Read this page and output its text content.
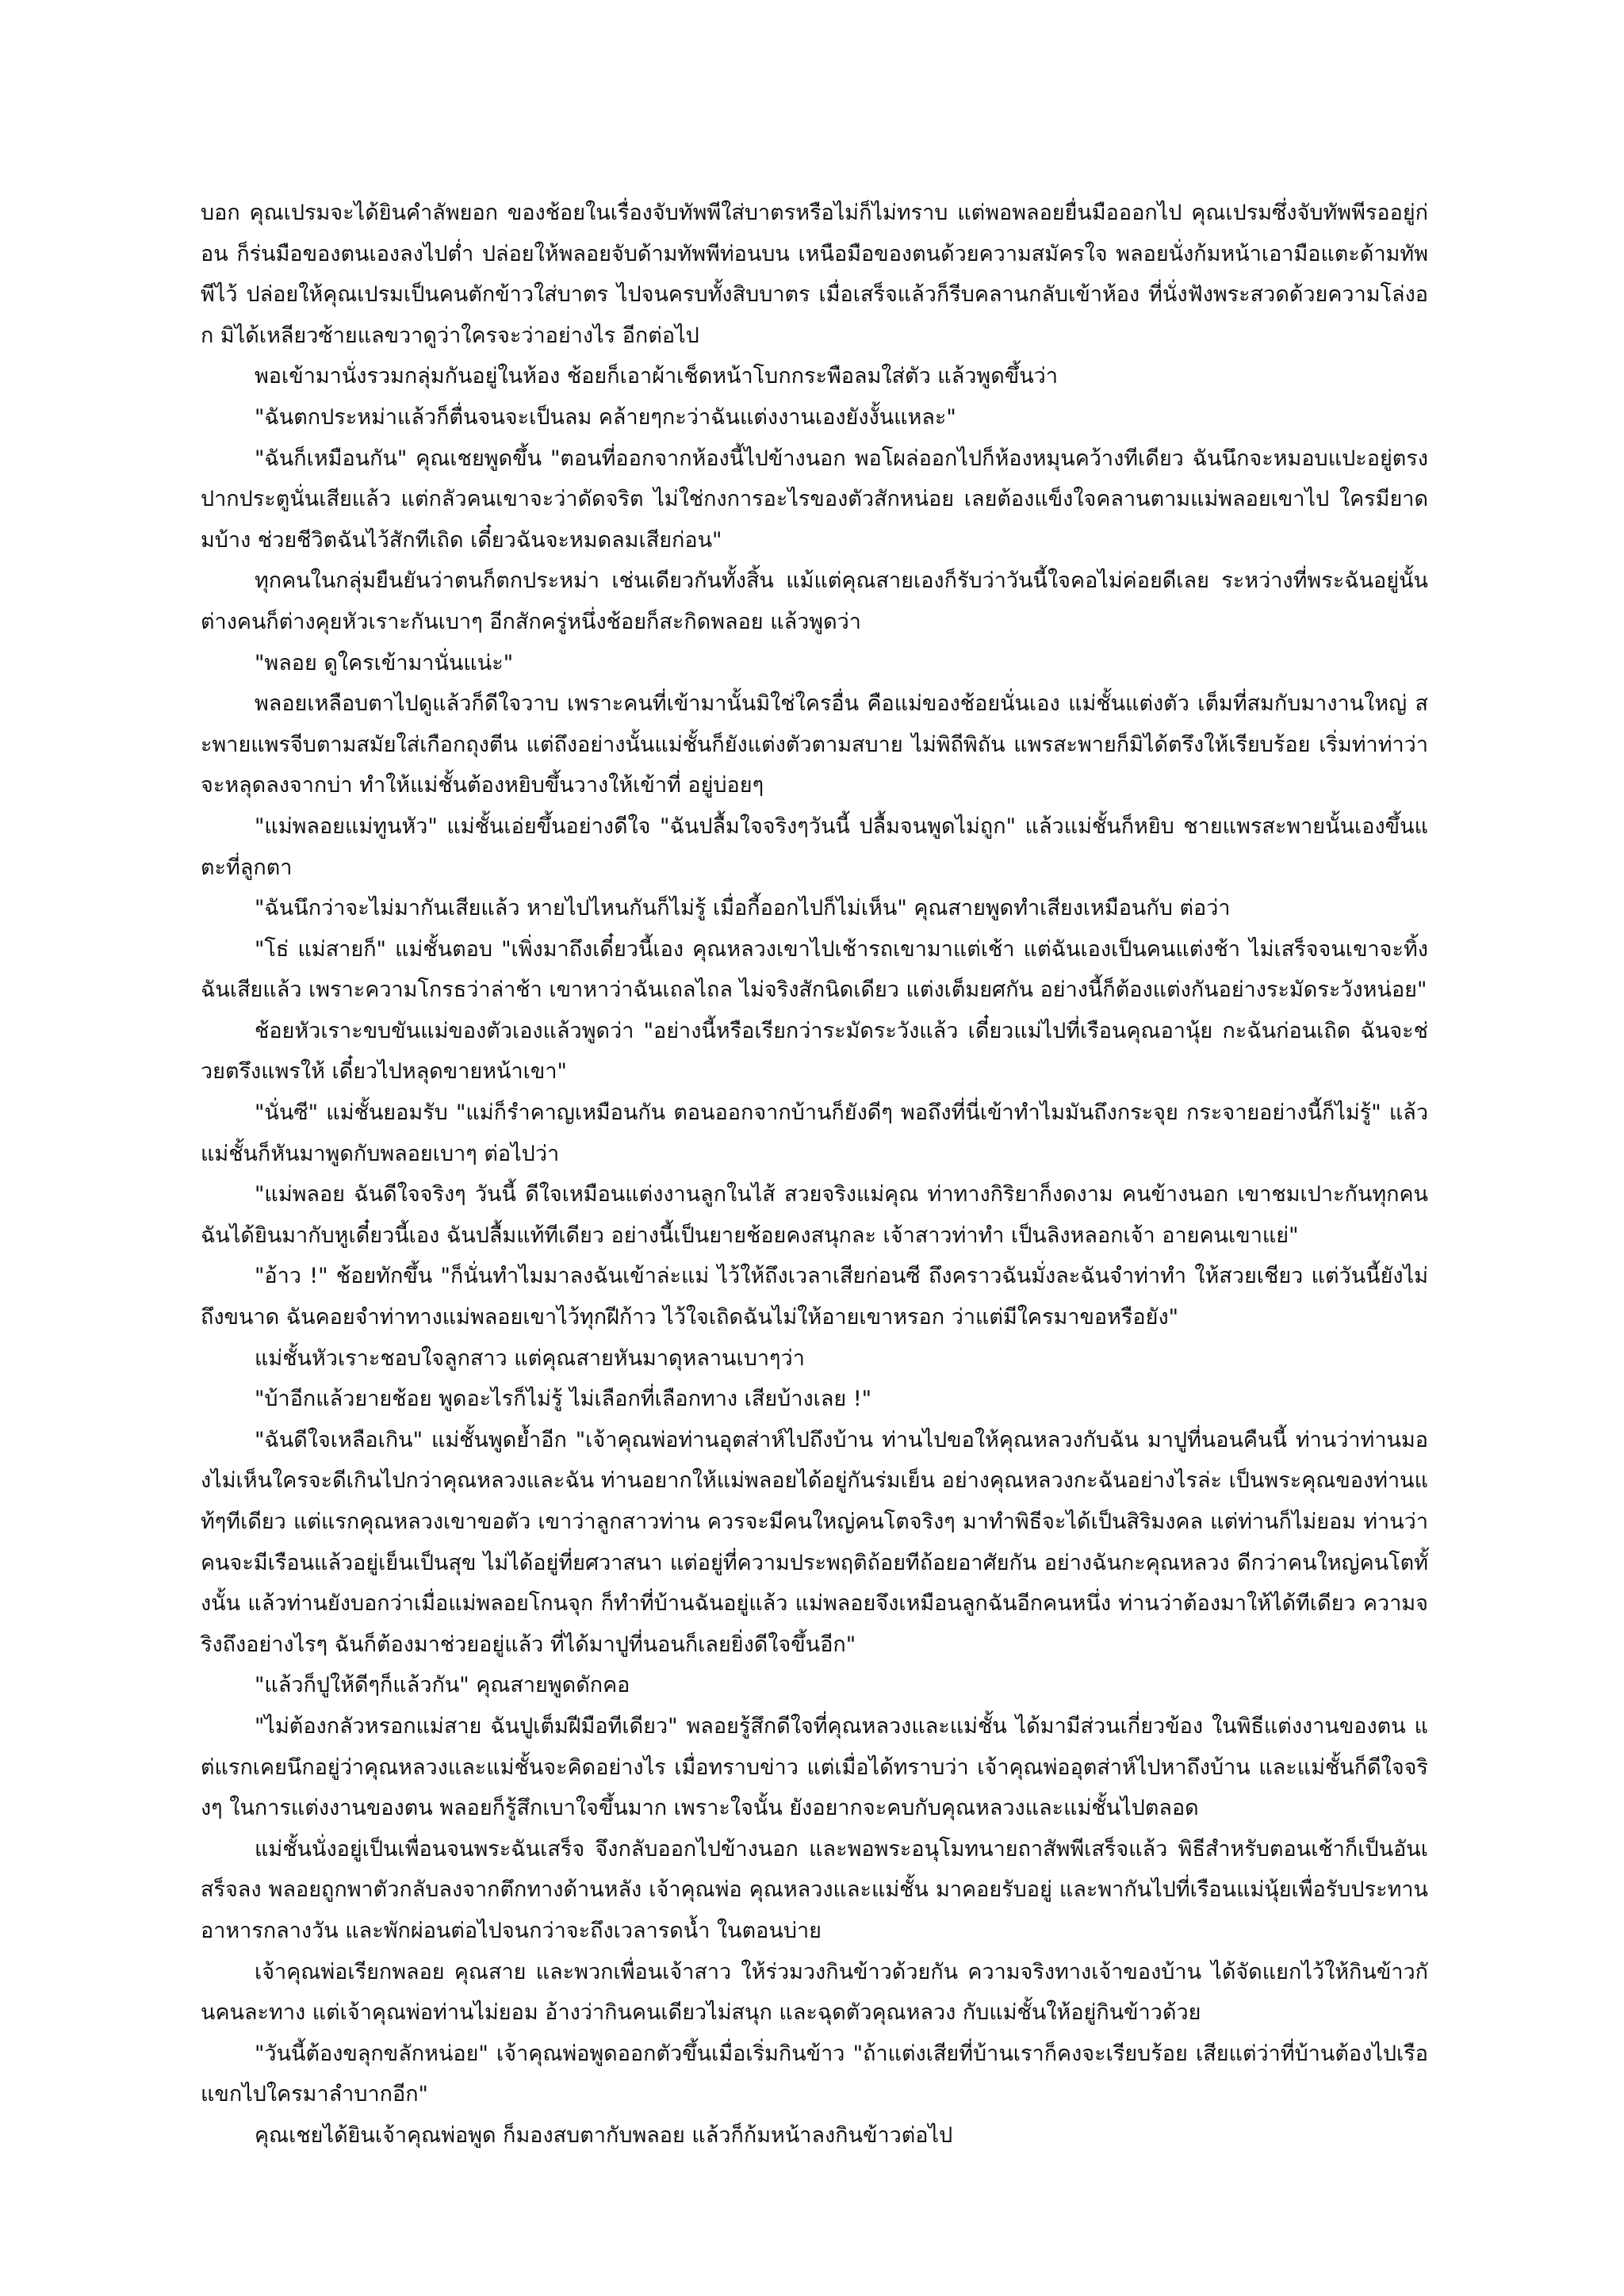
บอก คุณเปรมจะได้ยินคำลัพยอก ของช้อยในเรื่องจับทัพพีใส่บาตรหรือไม่ก็ไม่ทราบ แต่พอพลอยยื่นมือออกไป คุณเปรมซึ่งจับทัพพีรออยู่ก่อน ก็ร่นมือของตนเองลงไปต่ำ ปล่อยให้พลอยจับด้ามทัพพีท่อนบน เหนือมือของตนด้วยความสมัครใจ พลอยนั่งก้มหน้าเอามือแตะด้ามทัพพีไว้ ปล่อยให้คุณเปรมเป็นคนตักข้าวใส่บาตร ไปจนครบทั้งสิบบาตร เมื่อเสร็จแล้วก็รีบคลานกลับเข้าห้อง ที่นั่งฟังพระสวดด้วยความโล่งอก มิได้เหลียวซ้ายแลขวาดูว่าใครจะว่าอย่างไร อีกต่อไป

พอเข้ามานั่งรวมกลุ่มกันอยู่ในห้อง ช้อยก็เอาผ้าเช็ดหน้าโบกกระพือลมใส่ตัว แล้วพูดขึ้นว่า

"ฉันตกประหม่าแล้วก็ตื่นจนจะเป็นลม คล้ายๆกะว่าฉันแต่งงานเองยังงั้นแหละ"

"ฉันก็เหมือนกัน" คุณเชยพูดขึ้น "ตอนที่ออกจากห้องนี้ไปข้างนอก พอโผล่ออกไปก็ห้องหมุนคว้างทีเดียว ฉันนึกจะหมอบแปะอยู่ตรงปากประตูนั่นเสียแล้ว แต่กลัวคนเขาจะว่าดัดจริต ไม่ใช่กงการอะไรของตัวสักหน่อย เลยต้องแข็งใจคลานตามแม่พลอยเขาไป ใครมียาดมบ้าง ช่วยชีวิตฉันไว้สักทีเถิด เดี๋ยวฉันจะหมดลมเสียก่อน"

ทุกคนในกลุ่มยืนยันว่าตนก็ตกประหม่า เช่นเดียวกันทั้งสิ้น แม้แต่คุณสายเองก็รับว่าวันนี้ใจคอไม่ค่อยดีเลย ระหว่างที่พระฉันอยู่นั้น ต่างคนก็ต่างคุยหัวเราะกันเบาๆ อีกสักครู่หนึ่งช้อยก็สะกิดพลอย แล้วพูดว่า

"พลอย ดูใครเข้ามานั่นแน่ะ"

พลอยเหลือบตาไปดูแล้วก็ดีใจวาบ เพราะคนที่เข้ามานั้นมิใช่ใครอื่น คือแม่ของช้อยนั่นเอง แม่ชั้นแต่งตัว เต็มที่สมกับมางานใหญ่ สะพายแพรจีบตามสมัยใส่เกือกถุงตีน แต่ถึงอย่างนั้นแม่ชั้นก็ยังแต่งตัวตามสบาย ไม่พิถีพิถัน แพรสะพายก็มิได้ตรึงให้เรียบร้อย เริ่มท่าท่าว่าจะหลุดลงจากบ่า ทำให้แม่ชั้นต้องหยิบขึ้นวางให้เข้าที่ อยู่บ่อยๆ

"แม่พลอยแม่ทูนหัว" แม่ชั้นเอ่ยขึ้นอย่างดีใจ "ฉันปลื้มใจจริงๆวันนี้ ปลื้มจนพูดไม่ถูก" แล้วแม่ชั้นก็หยิบ ชายแพรสะพายนั้นเองขึ้นแตะที่ลูกตา

"ฉันนึกว่าจะไม่มากันเสียแล้ว หายไปไหนกันก็ไม่รู้ เมื่อกี้ออกไปก็ไม่เห็น" คุณสายพูดทำเสียงเหมือนกับ ต่อว่า

"โธ่ แม่สายก็" แม่ชั้นตอบ "เพิ่งมาถึงเดี๋ยวนี้เอง คุณหลวงเขาไปเช้ารถเขามาแต่เช้า แต่ฉันเองเป็นคนแต่งช้า ไม่เสร็จจนเขาจะทิ้งฉันเสียแล้ว เพราะความโกรธว่าล่าช้า เขาหาว่าฉันเถลไถล ไม่จริงสักนิดเดียว แต่งเต็มยศกัน อย่างนี้ก็ต้องแต่งกันอย่างระมัดระวังหน่อย"

ช้อยหัวเราะขบขันแม่ของตัวเองแล้วพูดว่า "อย่างนี้หรือเรียกว่าระมัดระวังแล้ว เดี๋ยวแม่ไปที่เรือนคุณอานุ้ย กะฉันก่อนเถิด ฉันจะช่วยตรึงแพรให้ เดี๋ยวไปหลุดขายหน้าเขา"

"นั่นซี" แม่ชั้นยอมรับ "แม่ก็รำคาญเหมือนกัน ตอนออกจากบ้านก็ยังดีๆ พอถึงที่นี่เข้าทำไมมันถึงกระจุย กระจายอย่างนี้ก็ไม่รู้" แล้วแม่ชั้นก็หันมาพูดกับพลอยเบาๆ ต่อไปว่า

"แม่พลอย ฉันดีใจจริงๆ วันนี้ ดีใจเหมือนแต่งงานลูกในไส้ สวยจริงแม่คุณ ท่าทางกิริยาก็งดงาม คนข้างนอก เขาชมเปาะกันทุกคน ฉันได้ยินมากับหูเดี๋ยวนี้เอง ฉันปลื้มแท้ทีเดียว อย่างนี้เป็นยายช้อยคงสนุกละ เจ้าสาวท่าทำ เป็นลิงหลอกเจ้า อายคนเขาแย่"

"อ้าว !" ช้อยทักขึ้น "ก็นั่นทำไมมาลงฉันเข้าล่ะแม่ ไว้ให้ถึงเวลาเสียก่อนซี ถึงคราวฉันมั่งละฉันจำท่าทำ ให้สวยเชียว แต่วันนี้ยังไม่ถึงขนาด ฉันคอยจำท่าทางแม่พลอยเขาไว้ทุกฝีก้าว ไว้ใจเถิดฉันไม่ให้อายเขาหรอก ว่าแต่มีใครมาขอหรือยัง"

แม่ชั้นหัวเราะชอบใจลูกสาว แต่คุณสายหันมาดุหลานเบาๆว่า

"บ้าอีกแล้วยายช้อย พูดอะไรก็ไม่รู้ ไม่เลือกที่เลือกทาง เสียบ้างเลย !"

"ฉันดีใจเหลือเกิน" แม่ชั้นพูดย้ำอีก "เจ้าคุณพ่อท่านอุตส่าห์ไปถึงบ้าน ท่านไปขอให้คุณหลวงกับฉัน มาปูที่นอนคืนนี้ ท่านว่าท่านมองไม่เห็นใครจะดีเกินไปกว่าคุณหลวงและฉัน ท่านอยากให้แม่พลอยได้อยู่กันร่มเย็น อย่างคุณหลวงกะฉันอย่างไรล่ะ เป็นพระคุณของท่านแท้ๆทีเดียว แต่แรกคุณหลวงเขาขอตัว เขาว่าลูกสาวท่าน ควรจะมีคนใหญ่คนโตจริงๆ มาทำพิธีจะได้เป็นสิริมงคล แต่ท่านก็ไม่ยอม ท่านว่าคนจะมีเรือนแล้วอยู่เย็นเป็นสุข ไม่ได้อยู่ที่ยศวาสนา แต่อยู่ที่ความประพฤติถ้อยทีถ้อยอาศัยกัน อย่างฉันกะคุณหลวง ดีกว่าคนใหญ่คนโตทั้งนั้น แล้วท่านยังบอกว่าเมื่อแม่พลอยโกนจุก ก็ทำที่บ้านฉันอยู่แล้ว แม่พลอยจึงเหมือนลูกฉันอีกคนหนึ่ง ท่านว่าต้องมาให้ได้ทีเดียว ความจริงถึงอย่างไรๆ ฉันก็ต้องมาช่วยอยู่แล้ว ที่ได้มาปูที่นอนก็เลยยิ่งดีใจขึ้นอีก"

"แล้วก็ปูให้ดีๆก็แล้วกัน" คุณสายพูดดักคอ

"ไม่ต้องกลัวหรอกแม่สาย ฉันปูเต็มฝีมือทีเดียว" พลอยรู้สึกดีใจที่คุณหลวงและแม่ชั้น ได้มามีส่วนเกี่ยวข้อง ในพิธีแต่งงานของตน แต่แรกเคยนึกอยู่ว่าคุณหลวงและแม่ชั้นจะคิดอย่างไร เมื่อทราบข่าว แต่เมื่อได้ทราบว่า เจ้าคุณพ่ออุตส่าห์ไปหาถึงบ้าน และแม่ชั้นก็ดีใจจริงๆ ในการแต่งงานของตน พลอยก็รู้สึกเบาใจขึ้นมาก เพราะใจนั้น ยังอยากจะคบกับคุณหลวงและแม่ชั้นไปตลอด

แม่ชั้นนั่งอยู่เป็นเพื่อนจนพระฉันเสร็จ จึงกลับออกไปข้างนอก และพอพระอนุโมทนายถาสัพพีเสร็จแล้ว พิธีสำหรับตอนเช้าก็เป็นอันเสร็จลง พลอยถูกพาตัวกลับลงจากตึกทางด้านหลัง เจ้าคุณพ่อ คุณหลวงและแม่ชั้น มาคอยรับอยู่ และพากันไปที่เรือนแม่นุ้ยเพื่อรับประทานอาหารกลางวัน และพักผ่อนต่อไปจนกว่าจะถึงเวลารดน้ำ ในตอนบ่าย

เจ้าคุณพ่อเรียกพลอย คุณสาย และพวกเพื่อนเจ้าสาว ให้ร่วมวงกินข้าวด้วยกัน ความจริงทางเจ้าของบ้าน ได้จัดแยกไว้ให้กินข้าวกันคนละทาง แต่เจ้าคุณพ่อท่านไม่ยอม อ้างว่ากินคนเดียวไม่สนุก และฉุดตัวคุณหลวง กับแม่ชั้นให้อยู่กินข้าวด้วย

"วันนี้ต้องขลุกขลักหน่อย" เจ้าคุณพ่อพูดออกตัวขึ้นเมื่อเริ่มกินข้าว "ถ้าแต่งเสียที่บ้านเราก็คงจะเรียบร้อย เสียแต่ว่าที่บ้านต้องไปเรือ แขกไปใครมาลำบากอีก"

คุณเชยได้ยินเจ้าคุณพ่อพูด ก็มองสบตากับพลอย แล้วก็ก้มหน้าลงกินข้าวต่อไป
